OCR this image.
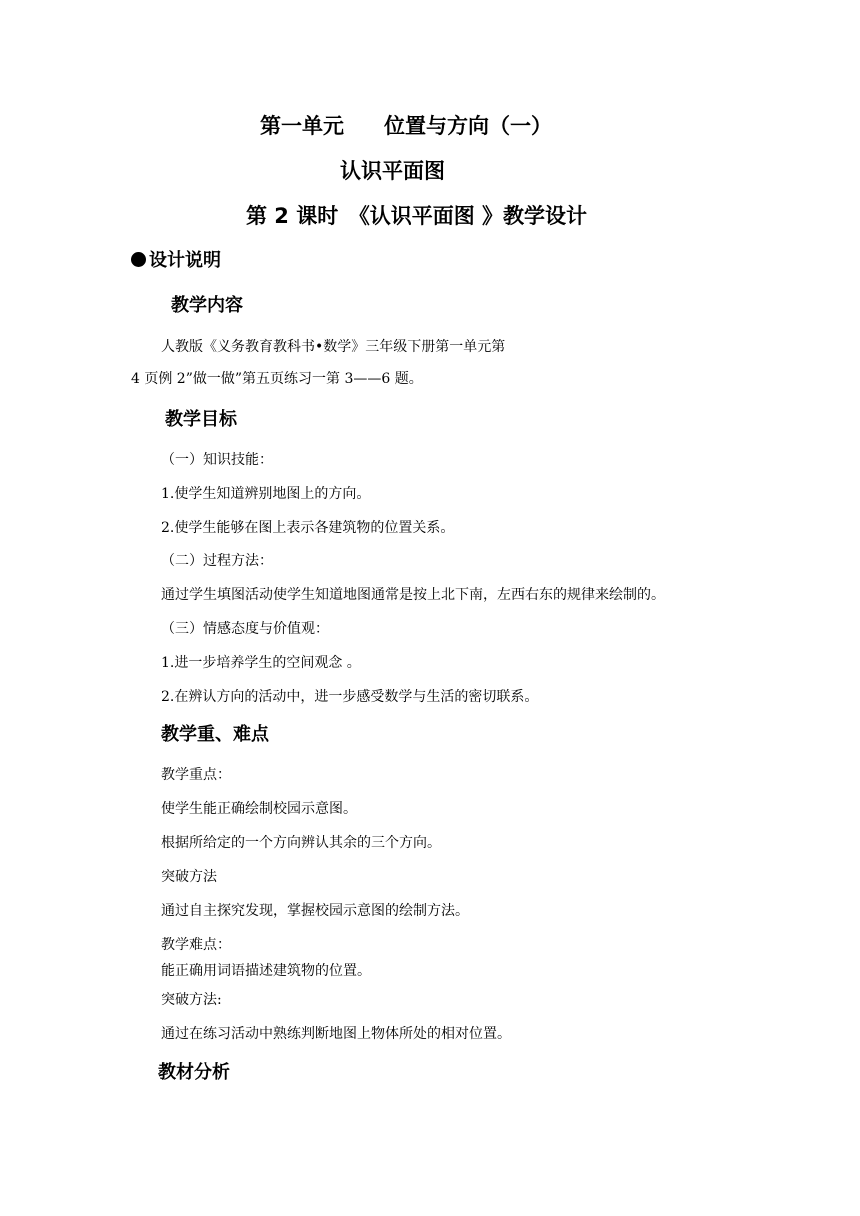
第一单元 位置与方向（一）
认识平面图
第 2 课时　《认识平面图 》教学设计
设计说明
教学内容
人教版《义务教育教科书•数学》三年级下册第一单元第
4 页例 2”做一做”第五页练习一第 3——6 题。
教学目标
（一）知识技能：
1.使学生知道辨别地图上的方向。
2.使学生能够在图上表示各建筑物的位置关系。
（二）过程方法：
通过学生填图活动使学生知道地图通常是按上北下南，左西右东的规律来绘制的。
（三）情感态度与价值观：
1.进一步培养学生的空间观念 。
2.在辨认方向的活动中，进一步感受数学与生活的密切联系。
教学重、难点
教学重点：
使学生能正确绘制校园示意图。
根据所给定的一个方向辨认其余的三个方向。
突破方法
通过自主探究发现，掌握校园示意图的绘制方法。
教学难点：
能正确用词语描述建筑物的位置。
突破方法:
通过在练习活动中熟练判断地图上物体所处的相对位置。
教材分析
